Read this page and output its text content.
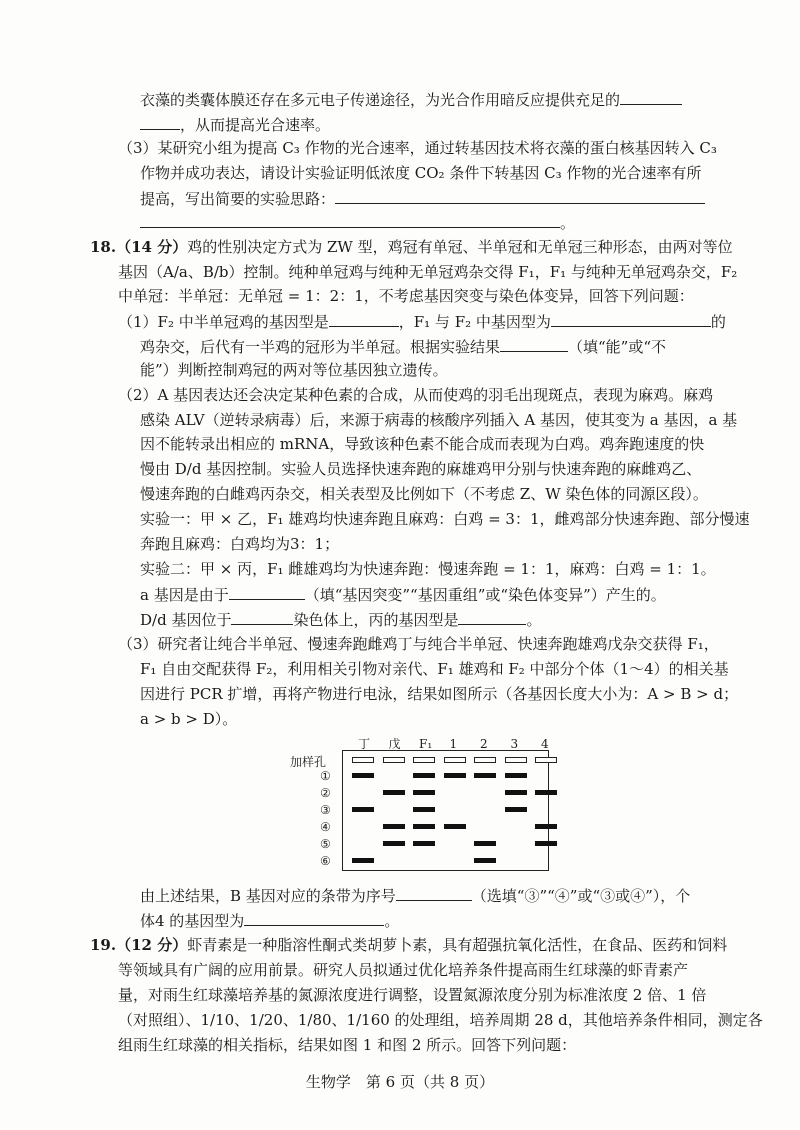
衣藻的类囊体膜还存在多元电子传递途径，为光合作用暗反应提供充足的
，从而提高光合速率。
（3）某研究小组为提高 C₃ 作物的光合速率，通过转基因技术将衣藻的蛋白核基因转入 C₃
作物并成功表达，请设计实验证明低浓度 CO₂ 条件下转基因 C₃ 作物的光合速率有所
提高，写出简要的实验思路：
。
18.（14 分）鸡的性别决定方式为 ZW 型，鸡冠有单冠、半单冠和无单冠三种形态，由两对等位
基因（A/a、B/b）控制。纯种单冠鸡与纯种无单冠鸡杂交得 F₁，F₁ 与纯种无单冠鸡杂交，F₂
中单冠：半单冠：无单冠 = 1：2：1，不考虑基因突变与染色体变异，回答下列问题：
（1）F₂ 中半单冠鸡的基因型是	，F₁ 与 F₂ 中基因型为	的
鸡杂交，后代有一半鸡的冠形为半单冠。根据实验结果	（填“能”或“不
能”）判断控制鸡冠的两对等位基因独立遗传。
（2）A 基因表达还会决定某种色素的合成，从而使鸡的羽毛出现斑点，表现为麻鸡。麻鸡
感染 ALV（逆转录病毒）后，来源于病毒的核酸序列插入 A 基因，使其变为 a 基因，a 基
因不能转录出相应的 mRNA，导致该种色素不能合成而表现为白鸡。鸡奔跑速度的快
慢由 D/d 基因控制。实验人员选择快速奔跑的麻雄鸡甲分别与快速奔跑的麻雌鸡乙、
慢速奔跑的白雌鸡丙杂交，相关表型及比例如下（不考虑 Z、W 染色体的同源区段）。
实验一：甲 × 乙，F₁ 雄鸡均快速奔跑且麻鸡：白鸡 = 3：1，雌鸡部分快速奔跑、部分慢速
奔跑且麻鸡：白鸡均为3：1；
实验二：甲 × 丙，F₁ 雌雄鸡均为快速奔跑：慢速奔跑 = 1：1，麻鸡：白鸡 = 1：1。
a 基因是由于	（填“基因突变”“基因重组”或“染色体变异”）产生的。
D/d 基因位于	染色体上，丙的基因型是	。
（3）研究者让纯合半单冠、慢速奔跑雌鸡丁与纯合半单冠、快速奔跑雄鸡戊杂交获得 F₁，
F₁ 自由交配获得 F₂，利用相关引物对亲代、F₁ 雄鸡和 F₂ 中部分个体（1～4）的相关基
因进行 PCR 扩增，再将产物进行电泳，结果如图所示（各基因长度大小为：A > B > d；
a > b > D）。
加样孔
丁 戊 F₁ 1 2 3 4
①
②
③
④
⑤
⑥
由上述结果，B 基因对应的条带为序号	（选填“③”“④”或“③或④”），个
体4 的基因型为	。
19.（12 分）虾青素是一种脂溶性酮式类胡萝卜素，具有超强抗氧化活性，在食品、医药和饲料
等领域具有广阔的应用前景。研究人员拟通过优化培养条件提高雨生红球藻的虾青素产
量，对雨生红球藻培养基的氮源浓度进行调整，设置氮源浓度分别为标准浓度 2 倍、1 倍
（对照组）、1/10、1/20、1/80、1/160 的处理组，培养周期 28 d，其他培养条件相同，测定各
组雨生红球藻的相关指标，结果如图 1 和图 2 所示。回答下列问题：
生物学　第 6 页（共 8 页）
